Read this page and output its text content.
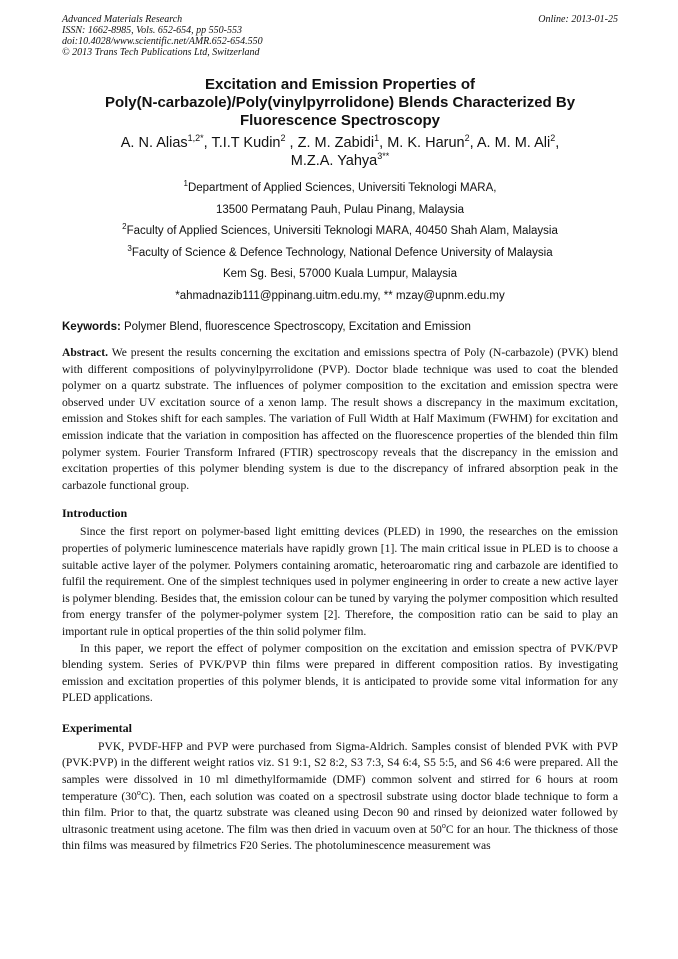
Advanced Materials Research
ISSN: 1662-8985, Vols. 652-654, pp 550-553
doi:10.4028/www.scientific.net/AMR.652-654.550
© 2013 Trans Tech Publications Ltd, Switzerland
Online: 2013-01-25
Excitation and Emission Properties of
Poly(N-carbazole)/Poly(vinylpyrrolidone) Blends Characterized By
Fluorescence Spectroscopy
A. N. Alias$^{1,2*}$, T.I.T Kudin$^2$ , Z. M. Zabidi$^1$, M. K. Harun$^2$, A. M. M. Ali$^2$,
M.Z.A. Yahya$^{3**}$
$^1$Department of Applied Sciences, Universiti Teknologi MARA,
13500 Permatang Pauh, Pulau Pinang, Malaysia
$^2$Faculty of Applied Sciences, Universiti Teknologi MARA, 40450 Shah Alam, Malaysia
$^3$Faculty of Science & Defence Technology, National Defence University of Malaysia
Kem Sg. Besi, 57000 Kuala Lumpur, Malaysia
*ahmadnazib111@ppinang.uitm.edu.my, ** mzay@upnm.edu.my
Keywords: Polymer Blend, fluorescence Spectroscopy, Excitation and Emission
Abstract. We present the results concerning the excitation and emissions spectra of Poly (N-carbazole) (PVK) blend with different compositions of polyvinylpyrrolidone (PVP). Doctor blade technique was used to coat the blended polymer on a quartz substrate. The influences of polymer composition to the excitation and emission spectra were observed under UV excitation source of a xenon lamp. The result shows a discrepancy in the maximum excitation, emission and Stokes shift for each samples. The variation of Full Width at Half Maximum (FWHM) for excitation and emission indicate that the variation in composition has affected on the fluorescence properties of the blended thin film polymer system. Fourier Transform Infrared (FTIR) spectroscopy reveals that the discrepancy in the emission and excitation properties of this polymer blending system is due to the discrepancy of infrared absorption peak in the carbazole functional group.
Introduction

Since the first report on polymer-based light emitting devices (PLED) in 1990, the researches on the emission properties of polymeric luminescence materials have rapidly grown [1]. The main critical issue in PLED is to choose a suitable active layer of the polymer. Polymers containing aromatic, heteroaromatic ring and carbazole are identified to fulfil the requirement. One of the simplest techniques used in polymer engineering in order to create a new active layer is polymer blending. Besides that, the emission colour can be tuned by varying the polymer composition which resulted from energy transfer of the polymer-polymer system [2]. Therefore, the composition ratio can be said to play an important rule in optical properties of the thin solid polymer film.

In this paper, we report the effect of polymer composition on the excitation and emission spectra of PVK/PVP blending system. Series of PVK/PVP thin films were prepared in different composition ratios. By investigating emission and excitation properties of this polymer blends, it is anticipated to provide some vital information for any PLED applications.

Experimental

PVK, PVDF-HFP and PVP were purchased from Sigma-Aldrich. Samples consist of blended PVK with PVP (PVK:PVP) in the different weight ratios viz. S1 9:1, S2 8:2, S3 7:3, S4 6:4, S5 5:5, and S6 4:6 were prepared. All the samples were dissolved in 10 ml dimethylformamide (DMF) common solvent and stirred for 6 hours at room temperature (30$^o$C). Then, each solution was coated on a spectrosil substrate using doctor blade technique to form a thin film. Prior to that, the quartz substrate was cleaned using Decon 90 and rinsed by deionized water followed by ultrasonic treatment using acetone. The film was then dried in vacuum oven at 50$^o$C for an hour. The thickness of those thin films was measured by filmetrics F20 Series. The photoluminescence measurement was
